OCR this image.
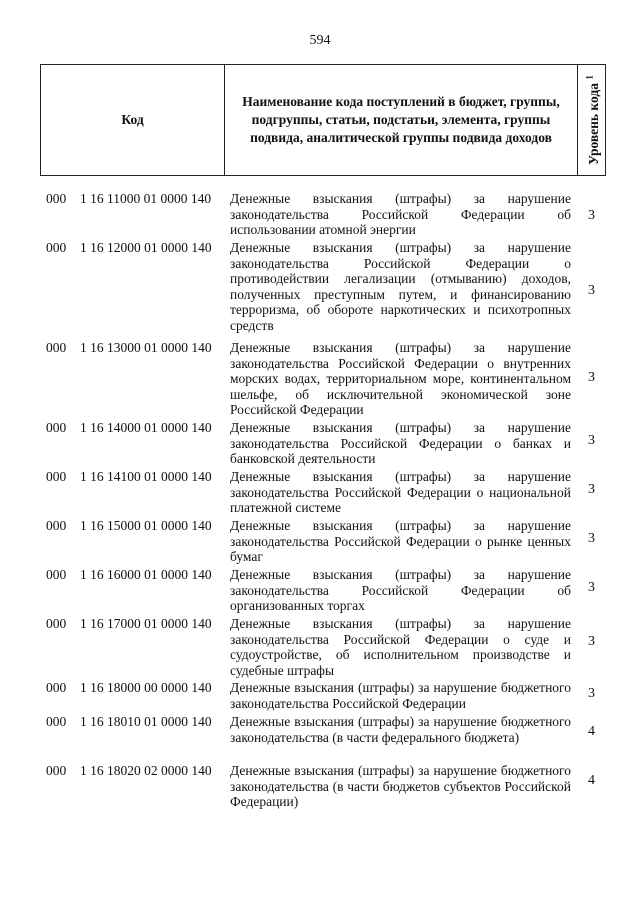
594
Код
Наименование кода поступлений в бюджет, группы, подгруппы, статьи, подстатьи, элемента, группы подвида, аналитической группы подвида доходов	Уровень кода $^1$
000 1 16 11000 01 0000 140 Денежные взыскания (штрафы) за нарушение законодательства Российской Федерации об использовании атомной энергии
3
000 1 16 12000 01 0000 140 Денежные взыскания (штрафы) за нарушение законодательства Российской Федерации о противодействии легализации (отмыванию) доходов, полученных преступным путем, и финансированию терроризма, об обороте наркотических и психотропных средств
3
000 1 16 13000 01 0000 140 Денежные взыскания (штрафы) за нарушение законодательства Российской Федерации о внутренних морских водах, территориальном море, континентальном шельфе, об исключительной экономической зоне Российской Федерации
3
000 1 16 14000 01 0000 140 Денежные взыскания (штрафы) за нарушение законодательства Российской Федерации о банках и банковской деятельности
3
000 1 16 14100 01 0000 140 Денежные взыскания (штрафы) за нарушение законодательства Российской Федерации о национальной платежной системе
3
000 1 16 15000 01 0000 140 Денежные взыскания (штрафы) за нарушение законодательства Российской Федерации о рынке ценных бумаг
3
000 1 16 16000 01 0000 140 Денежные взыскания (штрафы) за нарушение законодательства Российской Федерации об организованных торгах
3
000 1 16 17000 01 0000 140 Денежные взыскания (штрафы) за нарушение законодательства Российской Федерации о суде и судоустройстве, об исполнительном производстве и судебные штрафы
3
000 1 16 18000 00 0000 140 Денежные взыскания (штрафы) за нарушение бюджетного законодательства Российской Федерации
3
000 1 16 18010 01 0000 140 Денежные взыскания (штрафы) за нарушение бюджетного законодательства (в части федерального бюджета)	4
000 1 16 18020 02 0000 140 Денежные взыскания (штрафы) за нарушение бюджетного законодательства (в части бюджетов субъектов Российской Федерации)
4
